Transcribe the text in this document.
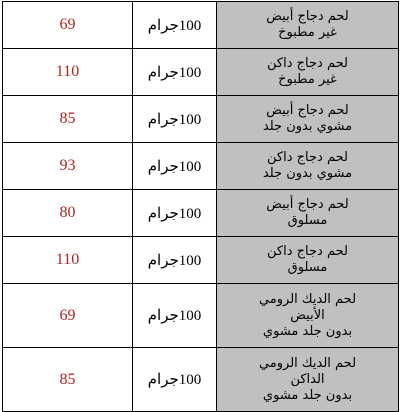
69	100جرام	لحم دجاج أبيض
غير مطبوخ

110	100جرام	لحم دجاج داكن
غير مطبوخ

85	100جرام	لحم دجاج أبيض
مشوي بدون جلد

93	100جرام	لحم دجاج داكن
مشوي بدون جلد

80	100جرام	لحم دجاج أبيض
مسلوق

110	100جرام	لحم دجاج داكن
مسلوق

69	100جرام	لحم الديك الرومي
الأبيض
بدون جلد مشوي

85	100جرام	لحم الديك الرومي
الداكن
بدون جلد مشوي
